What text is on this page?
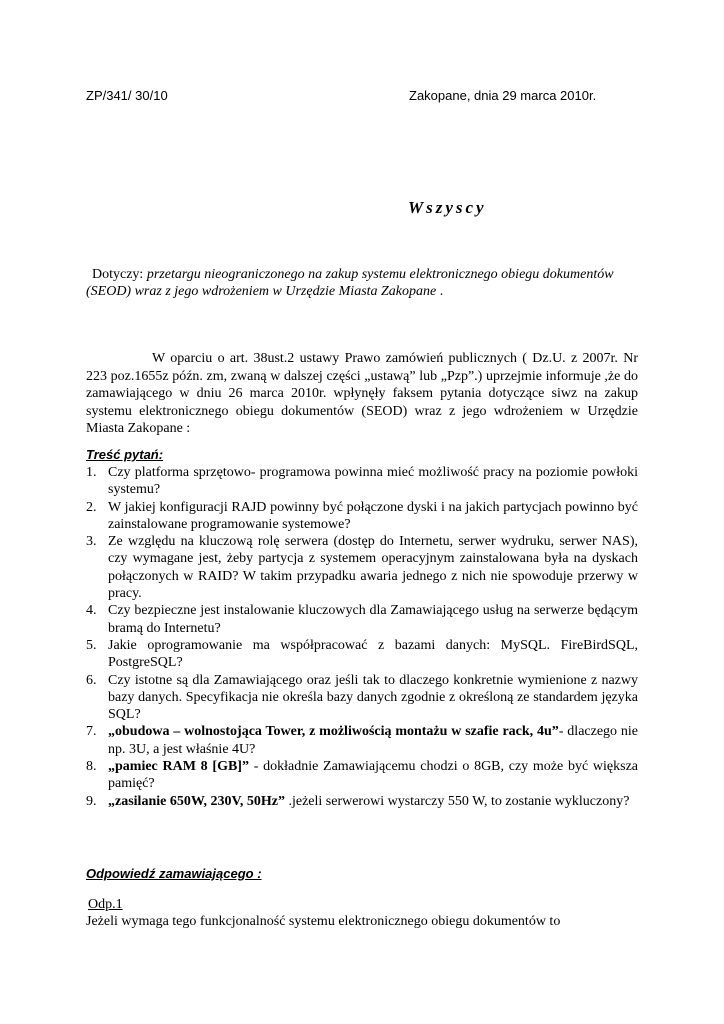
ZP/341/ 30/10	Zakopane, dnia 29 marca 2010r.
Wszyscy
Dotyczy: przetargu nieograniczonego na zakup systemu elektronicznego obiegu dokumentów (SEOD) wraz z jego wdrożeniem w Urzędzie Miasta Zakopane .
W oparciu o art. 38ust.2 ustawy Prawo zamówień publicznych ( Dz.U. z 2007r. Nr 223 poz.1655z późn. zm, zwaną w dalszej części „ustawą” lub „Pzp”.) uprzejmie informuje ,że do zamawiającego w dniu 26 marca 2010r. wpłynęły faksem pytania dotyczące siwz na zakup systemu elektronicznego obiegu dokumentów (SEOD) wraz z jego wdrożeniem w Urzędzie Miasta Zakopane :
Treść pytań:
1. Czy platforma sprzętowo- programowa powinna mieć możliwość pracy na poziomie powłoki systemu?
2. W jakiej konfiguracji RAJD powinny być połączone dyski i na jakich partycjach powinno być zainstalowane programowanie systemowe?
3. Ze względu na kluczową rolę serwera (dostęp do Internetu, serwer wydruku, serwer NAS), czy wymagane jest, żeby partycja z systemem operacyjnym zainstalowana była na dyskach połączonych w RAID? W takim przypadku awaria jednego z nich nie spowoduje przerwy w pracy.
4. Czy bezpieczne jest instalowanie kluczowych dla Zamawiającego usług na serwerze będącym bramą do Internetu?
5. Jakie oprogramowanie ma współpracować z bazami danych: MySQL. FireBirdSQL, PostgreSQL?
6. Czy istotne są dla Zamawiającego oraz jeśli tak to dlaczego konkretnie wymienione z nazwy bazy danych. Specyfikacja nie określa bazy danych zgodnie z określoną ze standardem języka SQL?
7. „obudowa – wolnostojąca Tower, z możliwością montażu w szafie rack, 4u”- dlaczego nie np. 3U, a jest właśnie 4U?
8. „pamiec RAM 8 [GB]” - dokładnie Zamawiającemu chodzi o 8GB, czy może być większa pamięć?
9. „zasilanie 650W, 230V, 50Hz” .jeżeli serwerowi wystarczy 550 W, to zostanie wykluczony?
Odpowiedź zamawiającego :
Odp.1
Jeżeli wymaga tego funkcjonalność systemu elektronicznego obiegu dokumentów to
